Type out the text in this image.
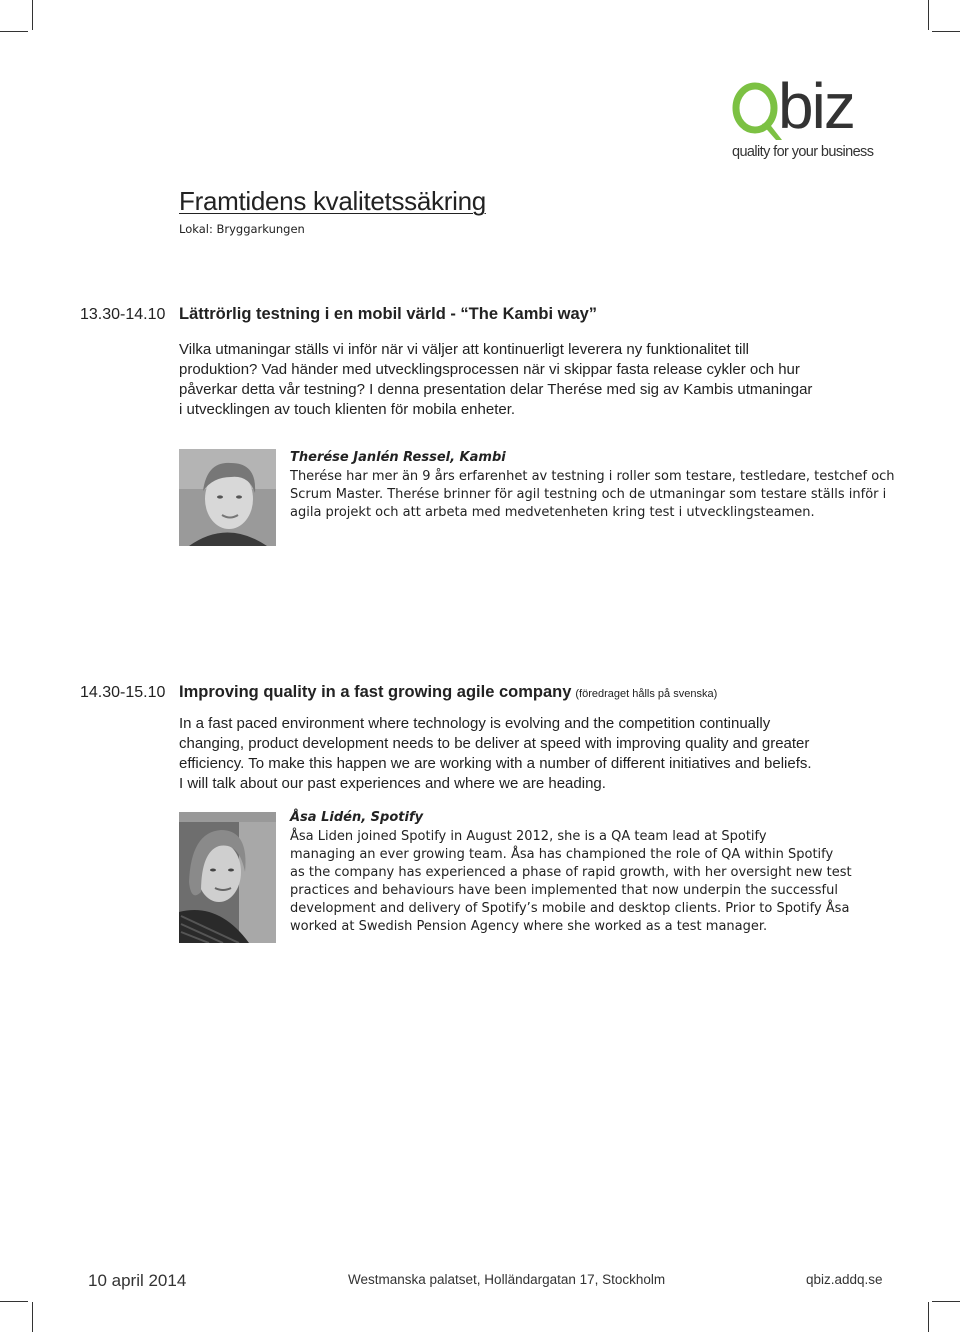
biz
quality for your business
Framtidens kvalitetssäkring
Lokal: Bryggarkungen
13.30-14.10 Lättrörlig testning i en mobil värld - “The Kambi way”
Vilka utmaningar ställs vi inför när vi väljer att kontinuerligt leverera ny funktionalitet till
produktion? Vad händer med utvecklingsprocessen när vi skippar fasta release cykler och hur
påverkar detta vår testning? I denna presentation delar Therése med sig av Kambis utmaningar
i utvecklingen av touch klienten för mobila enheter.
Therése Janlén Ressel, Kambi
Therése har mer än 9 års erfarenhet av testning i roller som testare, testledare, testchef och
Scrum Master. Therése brinner för agil testning och de utmaningar som testare ställs inför i
agila projekt och att arbeta med medvetenheten kring test i utvecklingsteamen.
14.30-15.10 Improving quality in a fast growing agile company (föredraget hålls på svenska)
In a fast paced environment where technology is evolving and the competition continually
changing, product development needs to be deliver at speed with improving quality and greater
efficiency. To make this happen we are working with a number of different initiatives and beliefs.
I will talk about our past experiences and where we are heading.
Åsa Lidén, Spotify
Åsa Liden joined Spotify in August 2012, she is a QA team lead at Spotify
managing an ever growing team. Åsa has championed the role of QA within Spotify
as the company has experienced a phase of rapid growth, with her oversight new test
practices and behaviours have been implemented that now underpin the successful
development and delivery of Spotify’s mobile and desktop clients. Prior to Spotify Åsa
worked at Swedish Pension Agency where she worked as a test manager.
10 april 2014	Westmanska palatset, Holländargatan 17, Stockholm	qbiz.addq.se
